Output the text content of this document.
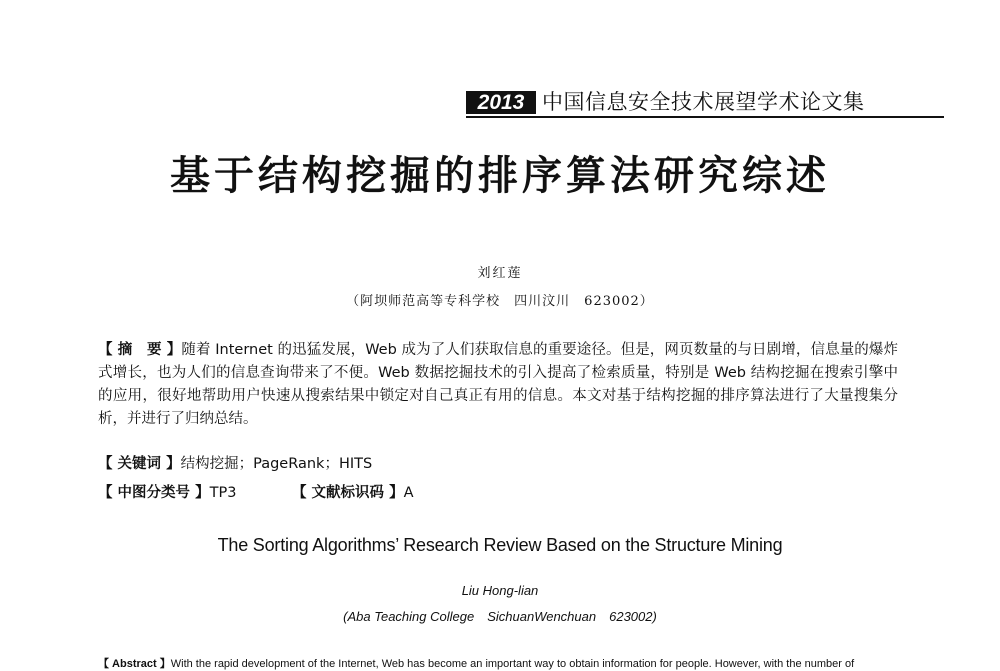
2013 中国信息安全技术展望学术论文集
基于结构挖掘的排序算法研究综述
刘红莲
（阿坝师范高等专科学校　四川汶川　623002）
【 摘　要 】随着 Internet 的迅猛发展，Web 成为了人们获取信息的重要途径。但是，网页数量的与日剧增，信息量的爆炸式增长，也为人们的信息查询带来了不便。Web 数据挖掘技术的引入提高了检索质量，特别是 Web 结构挖掘在搜索引擎中的应用，很好地帮助用户快速从搜索结果中锁定对自己真正有用的信息。本文对基于结构挖掘的排序算法进行了大量搜集分析，并进行了归纳总结。
【 关键词 】结构挖掘；PageRank；HITS
【 中图分类号 】TP3	【 文献标识码 】A
The Sorting Algorithms’ Research Review Based on the Structure Mining
Liu Hong-lian
(Aba Teaching College　SichuanWenchuan　623002)
【 Abstract 】With the rapid development of the Internet, Web has become an important way to obtain information for people. However, with the number of
